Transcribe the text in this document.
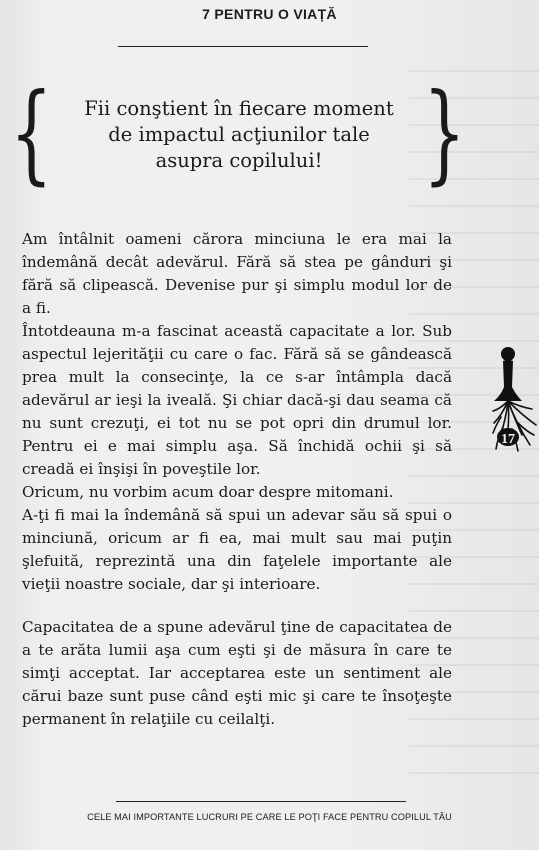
7 PENTRU O VIAȚĂ
{	Fii conştient în fiecare moment
de impactul acţiunilor tale
asupra copilului! }

Am întâlnit oameni cărora minciuna le era mai la îndemână decât adevărul. Fără să stea pe gânduri şi fără să clipească. Devenise pur şi simplu modul lor de a fi.

Întotdeauna m-a fascinat această capacitate a lor. Sub aspectul lejerităţii cu care o fac. Fără să se gândească prea mult la consecinţe, la ce s-ar întâmpla dacă adevărul ar ieşi la iveală. Şi chiar dacă-şi dau seama că nu sunt crezuţi, ei tot nu se pot opri din drumul lor. Pentru ei e mai simplu aşa. Să închidă ochii şi să creadă ei înşişi în poveştile lor.

Oricum, nu vorbim acum doar despre mitomani.

A-ţi fi mai la îndemână să spui un adevar său să spui o minciună, oricum ar fi ea, mai mult sau mai puţin şlefuită, reprezintă una din faţelele importante ale vieţii noastre sociale, dar şi interioare.

Capacitatea de a spune adevărul ţine de capacitatea de a te arăta lumii aşa cum eşti şi de măsura în care te simţi acceptat. Iar acceptarea este un sentiment ale cărui baze sunt puse când eşti mic şi care te însoţeşte permanent în relaţiile cu ceilalţi.

17
CELE MAI IMPORTANTE LUCRURI PE CARE LE POŢI FACE PENTRU COPILUL TĂU
